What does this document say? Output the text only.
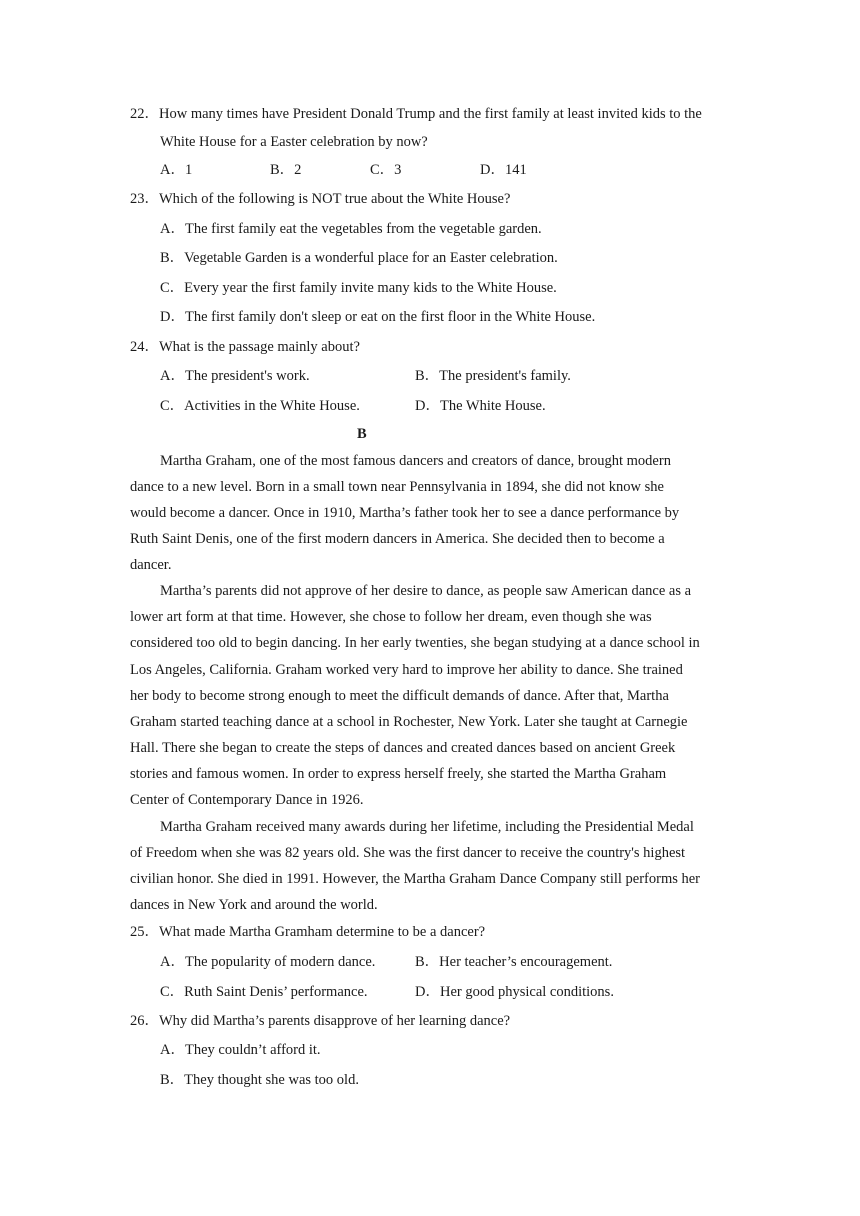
22．How many times have President Donald Trump and the first family at least invited kids to the
White House for a Easter celebration by now?
A．1	B．2	C．3	D．141
23．Which of the following is NOT true about the White House?
A．The first family eat the vegetables from the vegetable garden.
B．Vegetable Garden is a wonderful place for an Easter celebration.
C．Every year the first family invite many kids to the White House.
D．The first family don't sleep or eat on the first floor in the White House.
24．What is the passage mainly about?
A．The president's work.	B．The president's family.
C．Activities in the White House.	D．The White House.
B
Martha Graham, one of the most famous dancers and creators of dance, brought modern
dance to a new level. Born in a small town near Pennsylvania in 1894, she did not know she
would become a dancer. Once in 1910, Martha’s father took her to see a dance performance by
Ruth Saint Denis, one of the first modern dancers in America. She decided then to become a
dancer.
Martha’s parents did not approve of her desire to dance, as people saw American dance as a
lower art form at that time. However, she chose to follow her dream, even though she was
considered too old to begin dancing. In her early twenties, she began studying at a dance school in
Los Angeles, California. Graham worked very hard to improve her ability to dance. She trained
her body to become strong enough to meet the difficult demands of dance. After that, Martha
Graham started teaching dance at a school in Rochester, New York. Later she taught at Carnegie
Hall. There she began to create the steps of dances and created dances based on ancient Greek
stories and famous women. In order to express herself freely, she started the Martha Graham
Center of Contemporary Dance in 1926.
Martha Graham received many awards during her lifetime, including the Presidential Medal
of Freedom when she was 82 years old. She was the first dancer to receive the country's highest
civilian honor. She died in 1991. However, the Martha Graham Dance Company still performs her
dances in New York and around the world.
25．What made Martha Gramham determine to be a dancer?
A．The popularity of modern dance.	B．Her teacher’s encouragement.
C．Ruth Saint Denis’ performance.	D．Her good physical conditions.
26．Why did Martha’s parents disapprove of her learning dance?
A．They couldn’t afford it.
B．They thought she was too old.
